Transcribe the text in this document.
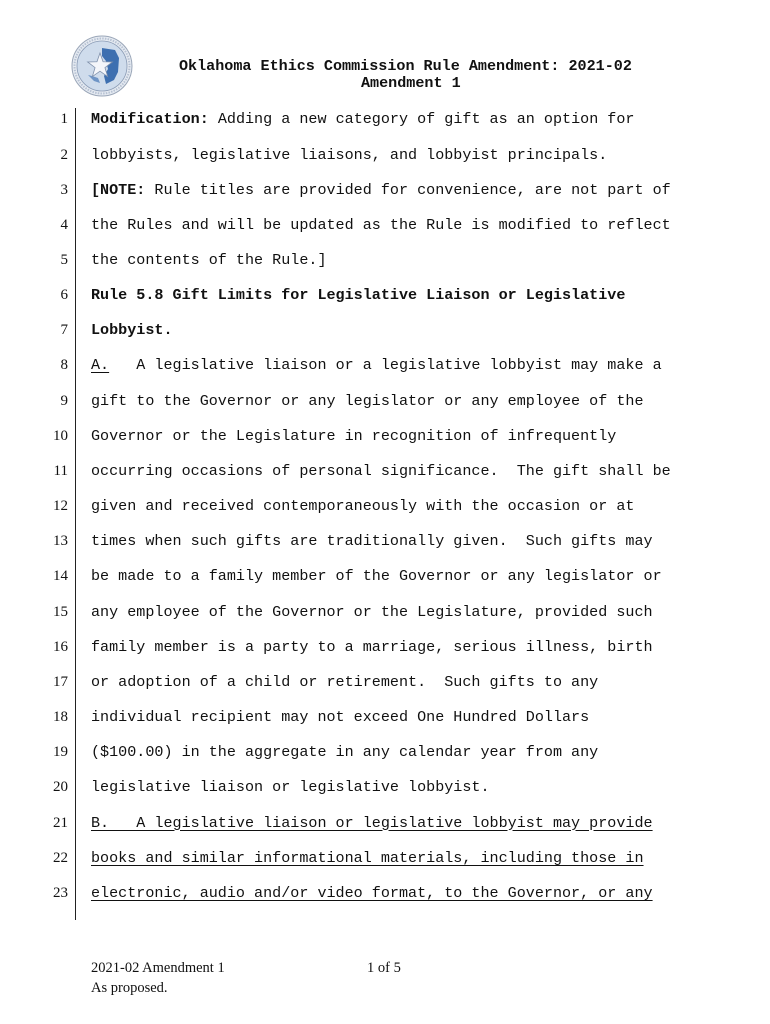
Oklahoma Ethics Commission Rule Amendment: 2021-02
Amendment 1
1 Modification: Adding a new category of gift as an option for
2 lobbyists, legislative liaisons, and lobbyist principals.
3 [NOTE: Rule titles are provided for convenience, are not part of
4 the Rules and will be updated as the Rule is modified to reflect
5 the contents of the Rule.]
6 Rule 5.8 Gift Limits for Legislative Liaison or Legislative
7 Lobbyist.
8 A.   A legislative liaison or a legislative lobbyist may make a
9 gift to the Governor or any legislator or any employee of the
10 Governor or the Legislature in recognition of infrequently
11 occurring occasions of personal significance.  The gift shall be
12 given and received contemporaneously with the occasion or at
13 times when such gifts are traditionally given.  Such gifts may
14 be made to a family member of the Governor or any legislator or
15 any employee of the Governor or the Legislature, provided such
16 family member is a party to a marriage, serious illness, birth
17 or adoption of a child or retirement.  Such gifts to any
18 individual recipient may not exceed One Hundred Dollars
19 ($100.00) in the aggregate in any calendar year from any
20 legislative liaison or legislative lobbyist.
21 B.   A legislative liaison or legislative lobbyist may provide
22 books and similar informational materials, including those in
23 electronic, audio and/or video format, to the Governor, or any
2021-02 Amendment 1
As proposed.
1 of 5
